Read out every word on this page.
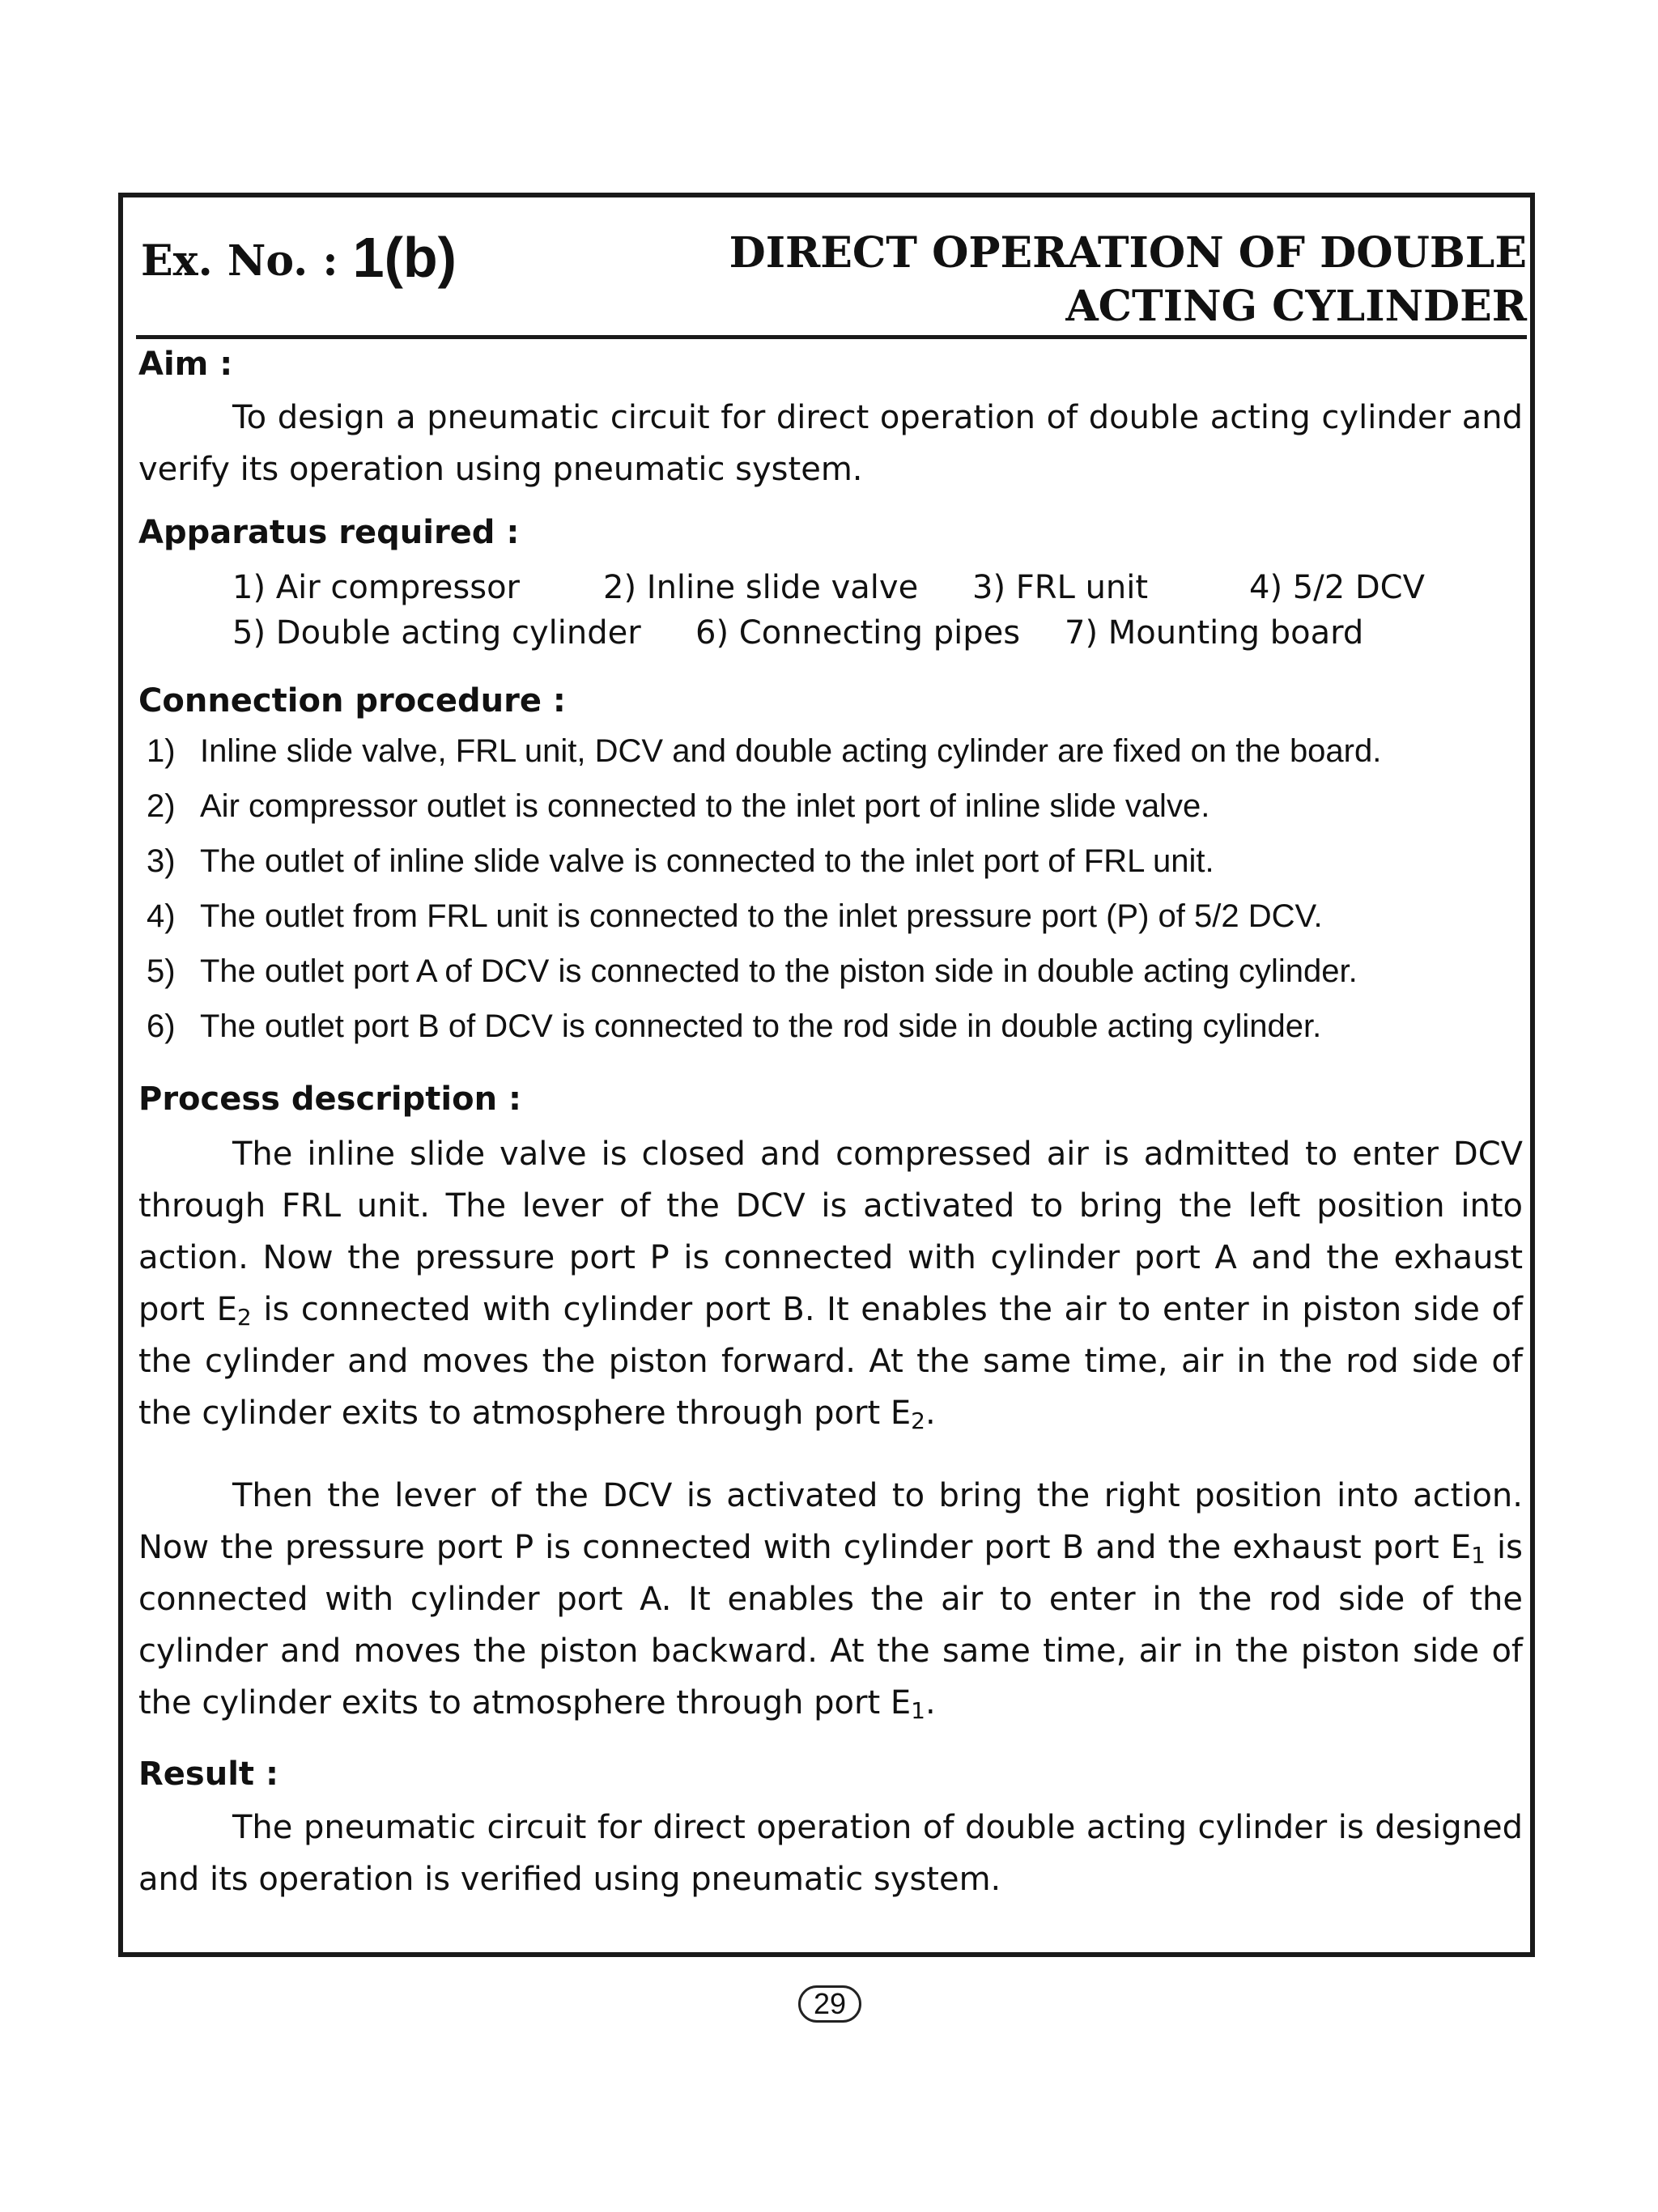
Ex. No. : 1(b)	DIRECT OPERATION OF DOUBLE
ACTING CYLINDER

Aim :

To design a pneumatic circuit for direct operation of double acting cylinder and verify its operation using pneumatic system.

Apparatus required :

1) Air compressor	2) Inline slide valve	3) FRL unit	4) 5/2 DCV
5) Double acting cylinder	6) Connecting pipes	7) Mounting board

Connection procedure :

1) Inline slide valve, FRL unit, DCV and double acting cylinder are fixed on the board.
2) Air compressor outlet is connected to the inlet port of inline slide valve.
3) The outlet of inline slide valve is connected to the inlet port of FRL unit.
4) The outlet from FRL unit is connected to the inlet pressure port (P) of 5/2 DCV.
5) The outlet port A of DCV is connected to the piston side in double acting cylinder.
6) The outlet port B of DCV is connected to the rod side in double acting cylinder.

Process description :

The inline slide valve is closed and compressed air is admitted to enter DCV through FRL unit. The lever of the DCV is activated to bring the left position into action. Now the pressure port P is connected with cylinder port A and the exhaust port $E_2$ is connected with cylinder port B. It enables the air to enter in piston side of the cylinder and moves the piston forward. At the same time, air in the rod side of the cylinder exits to atmosphere through port $E_2$.

Then the lever of the DCV is activated to bring the right position into action. Now the pressure port P is connected with cylinder port B and the exhaust port $E_1$ is connected with cylinder port A. It enables the air to enter in the rod side of the cylinder and moves the piston backward. At the same time, air in the piston side of the cylinder exits to atmosphere through port $E_1$.

Result :

The pneumatic circuit for direct operation of double acting cylinder is designed and its operation is verified using pneumatic system.

29
